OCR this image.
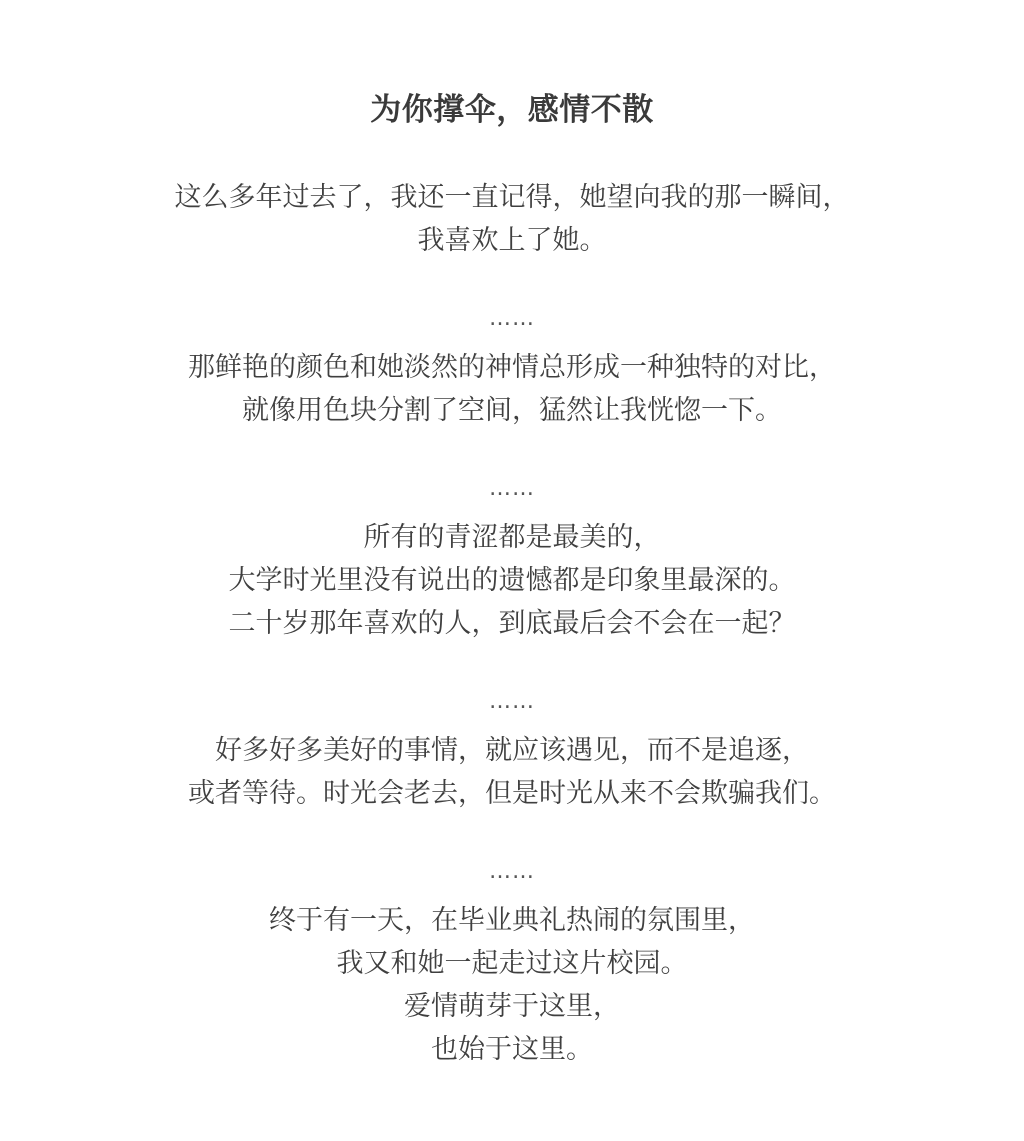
为你撑伞，感情不散
这么多年过去了，我还一直记得，她望向我的那一瞬间，
我喜欢上了她。
……
那鲜艳的颜色和她淡然的神情总形成一种独特的对比，
就像用色块分割了空间，猛然让我恍惚一下。
……
所有的青涩都是最美的，
大学时光里没有说出的遗憾都是印象里最深的。
二十岁那年喜欢的人，到底最后会不会在一起？
……
好多好多美好的事情，就应该遇见，而不是追逐，
或者等待。时光会老去，但是时光从来不会欺骗我们。
……
终于有一天，在毕业典礼热闹的氛围里，
我又和她一起走过这片校园。
爱情萌芽于这里，
也始于这里。
